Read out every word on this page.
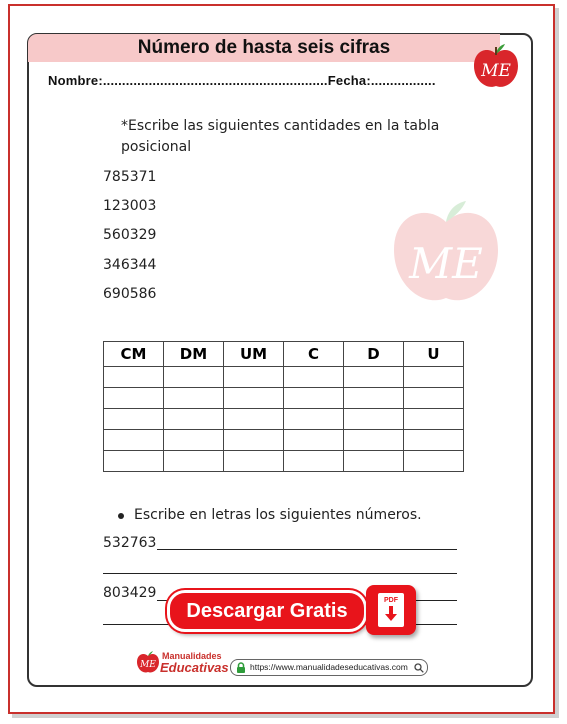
Número de hasta seis cifras
ME
Nombre:...........................................................Fecha:.................
*Escribe las siguientes cantidades en la tabla
posicional
785371
123003
560329
346344
690586
ME
CM	DM	UM	C	D	U

Escribe en letras los siguientes números.
532763
803429
Descargar Gratis	PDF
ME
Manualidades
Educativas	https://www.manualidadeseducativas.com
